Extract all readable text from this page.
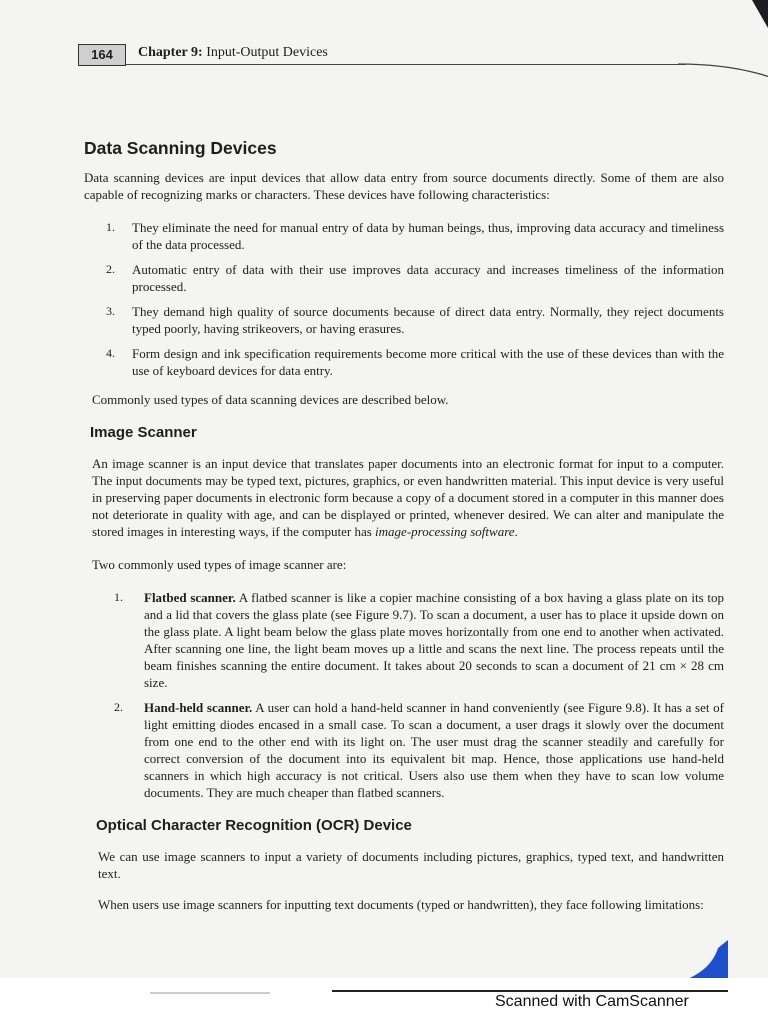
164	Chapter 9: Input-Output Devices
Data Scanning Devices

Data scanning devices are input devices that allow data entry from source documents directly. Some of them are also capable of recognizing marks or characters. These devices have following characteristics:

1. They eliminate the need for manual entry of data by human beings, thus, improving data accuracy and timeliness of the data processed.
2. Automatic entry of data with their use improves data accuracy and increases timeliness of the information processed.
3. They demand high quality of source documents because of direct data entry. Normally, they reject documents typed poorly, having strikeovers, or having erasures.
4. Form design and ink specification requirements become more critical with the use of these devices than with the use of keyboard devices for data entry.

Commonly used types of data scanning devices are described below.

Image Scanner

An image scanner is an input device that translates paper documents into an electronic format for input to a computer. The input documents may be typed text, pictures, graphics, or even handwritten material. This input device is very useful in preserving paper documents in electronic form because a copy of a document stored in a computer in this manner does not deteriorate in quality with age, and can be displayed or printed, whenever desired. We can alter and manipulate the stored images in interesting ways, if the computer has image-processing software.

Two commonly used types of image scanner are:

1. Flatbed scanner. A flatbed scanner is like a copier machine consisting of a box having a glass plate on its top and a lid that covers the glass plate (see Figure 9.7). To scan a document, a user has to place it upside down on the glass plate. A light beam below the glass plate moves horizontally from one end to another when activated. After scanning one line, the light beam moves up a little and scans the next line. The process repeats until the beam finishes scanning the entire document. It takes about 20 seconds to scan a document of 21 cm × 28 cm size.
2. Hand-held scanner. A user can hold a hand-held scanner in hand conveniently (see Figure 9.8). It has a set of light emitting diodes encased in a small case. To scan a document, a user drags it slowly over the document from one end to the other end with its light on. The user must drag the scanner steadily and carefully for correct conversion of the document into its equivalent bit map. Hence, those applications use hand-held scanners in which high accuracy is not critical. Users also use them when they have to scan low volume documents. They are much cheaper than flatbed scanners.
Optical Character Recognition (OCR) Device

We can use image scanners to input a variety of documents including pictures, graphics, typed text, and handwritten text.

When users use image scanners for inputting text documents (typed or handwritten), they face following limitations:

Scanned with CamScanner
